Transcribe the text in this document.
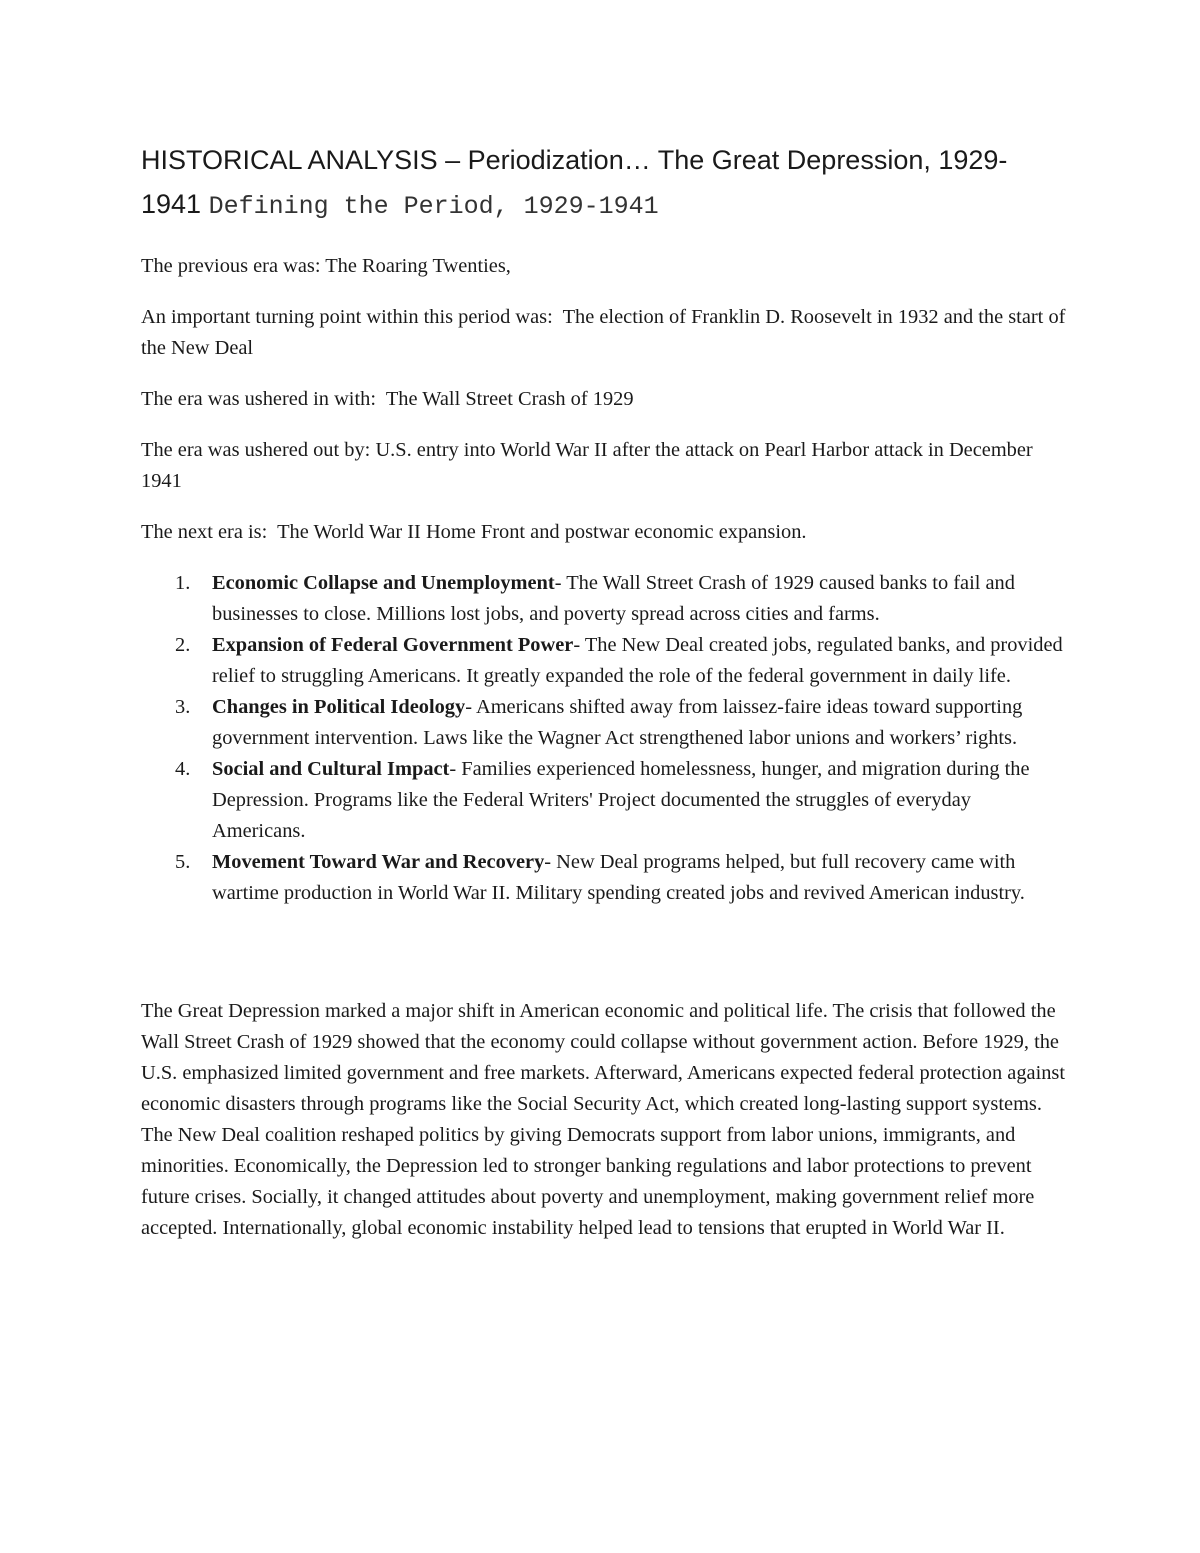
HISTORICAL ANALYSIS – Periodization… The Great Depression, 1929-1941 Defining the Period, 1929-1941

The previous era was: The Roaring Twenties,

An important turning point within this period was: The election of Franklin D. Roosevelt in 1932 and the start of the New Deal

The era was ushered in with: The Wall Street Crash of 1929

The era was ushered out by: U.S. entry into World War II after the attack on Pearl Harbor attack in December 1941

The next era is: The World War II Home Front and postwar economic expansion.

1. Economic Collapse and Unemployment- The Wall Street Crash of 1929 caused banks to fail and businesses to close. Millions lost jobs, and poverty spread across cities and farms.
2. Expansion of Federal Government Power- The New Deal created jobs, regulated banks, and provided relief to struggling Americans. It greatly expanded the role of the federal government in daily life.
3. Changes in Political Ideology- Americans shifted away from laissez-faire ideas toward supporting government intervention. Laws like the Wagner Act strengthened labor unions and workers’ rights.
4. Social and Cultural Impact- Families experienced homelessness, hunger, and migration during the Depression. Programs like the Federal Writers' Project documented the struggles of everyday Americans.
5. Movement Toward War and Recovery- New Deal programs helped, but full recovery came with wartime production in World War II. Military spending created jobs and revived American industry.

The Great Depression marked a major shift in American economic and political life. The crisis that followed the Wall Street Crash of 1929 showed that the economy could collapse without government action. Before 1929, the U.S. emphasized limited government and free markets. Afterward, Americans expected federal protection against economic disasters through programs like the Social Security Act, which created long-lasting support systems. The New Deal coalition reshaped politics by giving Democrats support from labor unions, immigrants, and minorities. Economically, the Depression led to stronger banking regulations and labor protections to prevent future crises. Socially, it changed attitudes about poverty and unemployment, making government relief more accepted. Internationally, global economic instability helped lead to tensions that erupted in World War II.
